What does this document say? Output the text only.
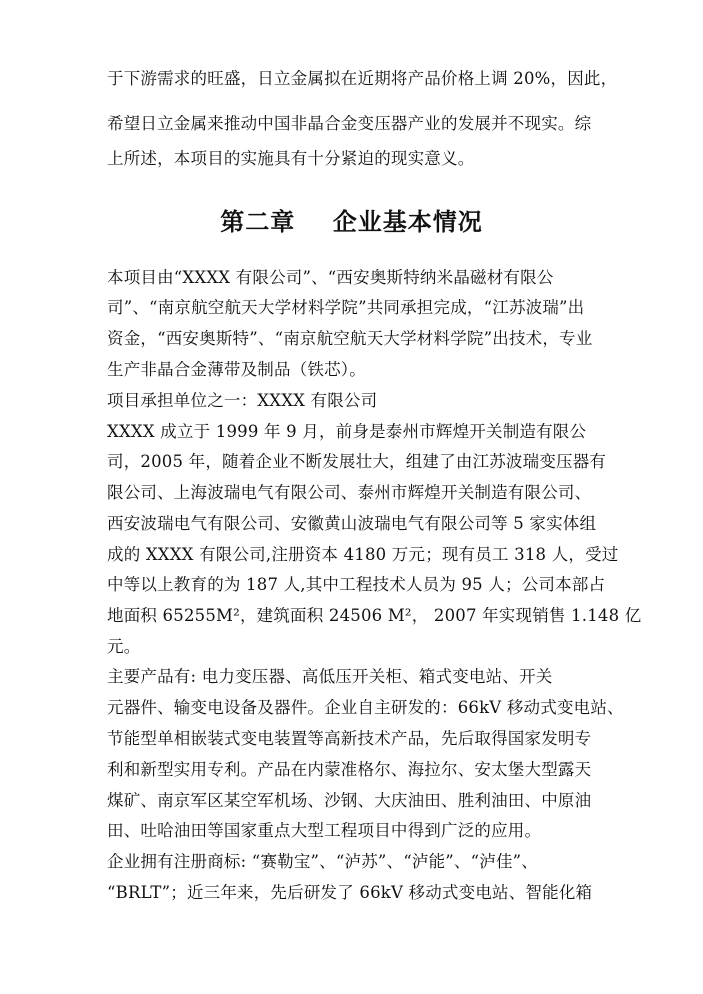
于下游需求的旺盛，日立金属拟在近期将产品价格上调 20%，因此，
希望日立金属来推动中国非晶合金变压器产业的发展并不现实。综
上所述，本项目的实施具有十分紧迫的现实意义。
第二章    企业基本情况
本项目由“XXXX 有限公司”、“西安奥斯特纳米晶磁材有限公
司”、“南京航空航天大学材料学院”共同承担完成，“江苏波瑞”出
资金，“西安奥斯特”、“南京航空航天大学材料学院”出技术，专业
生产非晶合金薄带及制品（铁芯）。
项目承担单位之一：XXXX 有限公司
XXXX 成立于 1999 年 9 月，前身是泰州市辉煌开关制造有限公
司，2005 年，随着企业不断发展壮大，组建了由江苏波瑞变压器有
限公司、上海波瑞电气有限公司、泰州市辉煌开关制造有限公司、
西安波瑞电气有限公司、安徽黄山波瑞电气有限公司等 5 家实体组
成的 XXXX 有限公司,注册资本 4180 万元；现有员工 318 人，受过
中等以上教育的为 187 人,其中工程技术人员为 95 人；公司本部占
地面积 65255M²，建筑面积 24506 M²， 2007 年实现销售 1.148 亿
元。
主要产品有: 电力变压器、高低压开关柜、箱式变电站、开关
元器件、输变电设备及器件。企业自主研发的：66kV 移动式变电站、
节能型单相嵌装式变电装置等高新技术产品，先后取得国家发明专
利和新型实用专利。产品在内蒙准格尔、海拉尔、安太堡大型露天
煤矿、南京军区某空军机场、沙钢、大庆油田、胜利油田、中原油
田、吐哈油田等国家重点大型工程项目中得到广泛的应用。
企业拥有注册商标: “赛勒宝”、“泸苏”、“泸能”、“泸佳”、
“BRLT”；近三年来，先后研发了 66kV 移动式变电站、智能化箱
